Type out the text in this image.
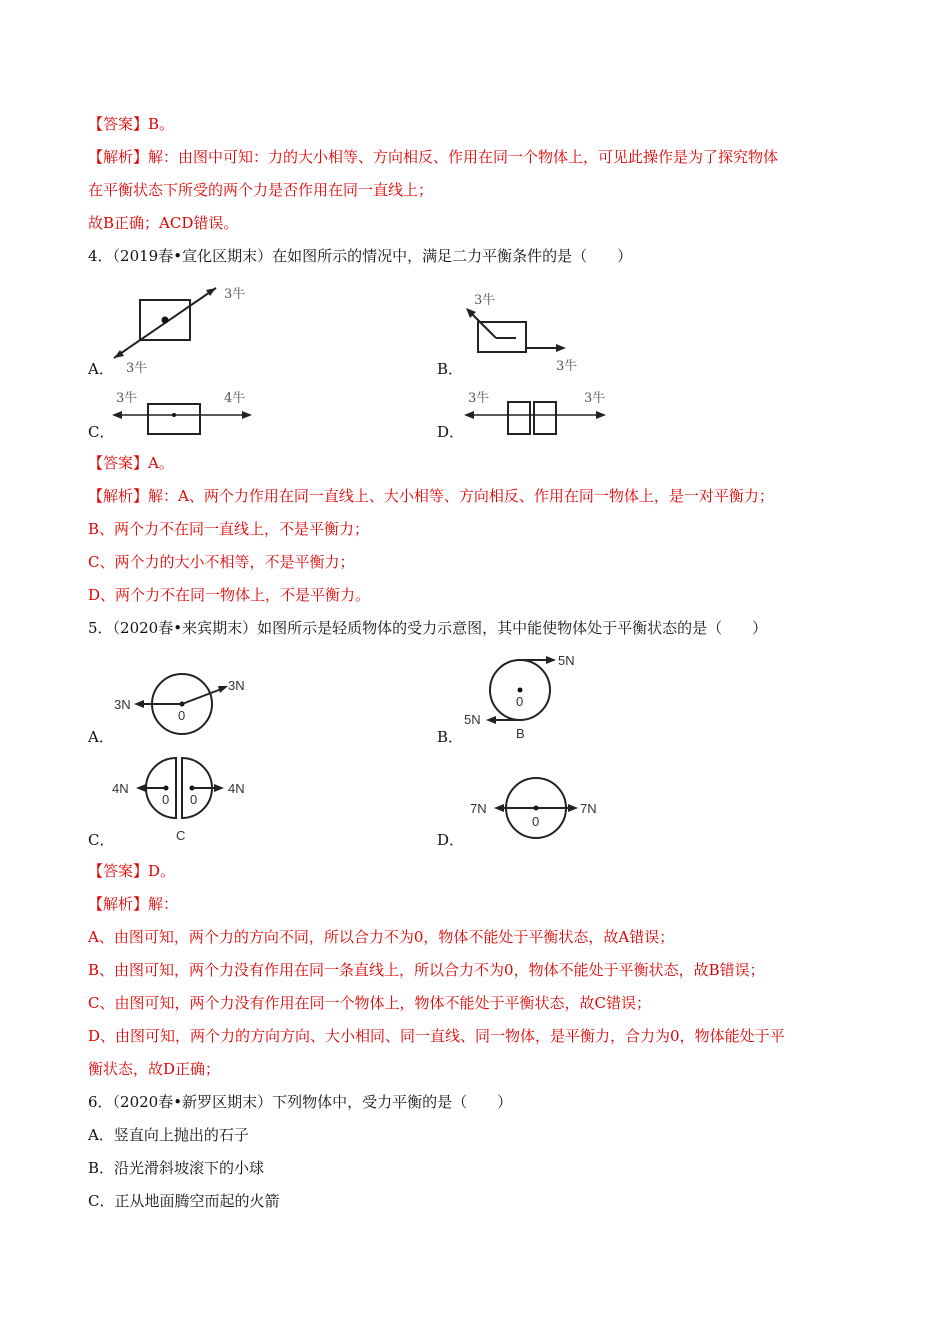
【答案】B。
【解析】解：由图中可知：力的大小相等、方向相反、作用在同一个物体上，可见此操作是为了探究物体
在平衡状态下所受的两个力是否作用在同一直线上；
故B正确；ACD错误。
4．（2019春•宣化区期末）在如图所示的情况中，满足二力平衡条件的是（　　）
A．
3牛
3牛	B．
3牛
3牛
C．
3牛	4牛
D．
3牛	3牛
【答案】A。
【解析】解：A、两个力作用在同一直线上、大小相等、方向相反、作用在同一物体上，是一对平衡力；
B、两个力不在同一直线上，不是平衡力；
C、两个力的大小不相等，不是平衡力；
D、两个力不在同一物体上，不是平衡力。
5．（2020春•来宾期末）如图所示是轻质物体的受力示意图，其中能使物体处于平衡状态的是（　　）
A．
3N
3N
0
B．
5N
5N
0
B
C．
4N	4N
0 0
C	D．
7N	7N
0
【答案】D。
【解析】解：
A、由图可知，两个力的方向不同，所以合力不为0，物体不能处于平衡状态，故A错误；
B、由图可知，两个力没有作用在同一条直线上，所以合力不为0，物体不能处于平衡状态，故B错误；
C、由图可知，两个力没有作用在同一个物体上，物体不能处于平衡状态，故C错误；
D、由图可知，两个力的方向方向、大小相同、同一直线、同一物体，是平衡力，合力为0，物体能处于平
衡状态，故D正确；
6．（2020春•新罗区期末）下列物体中，受力平衡的是（　　）
A．竖直向上抛出的石子
B．沿光滑斜坡滚下的小球
C．正从地面腾空而起的火箭
